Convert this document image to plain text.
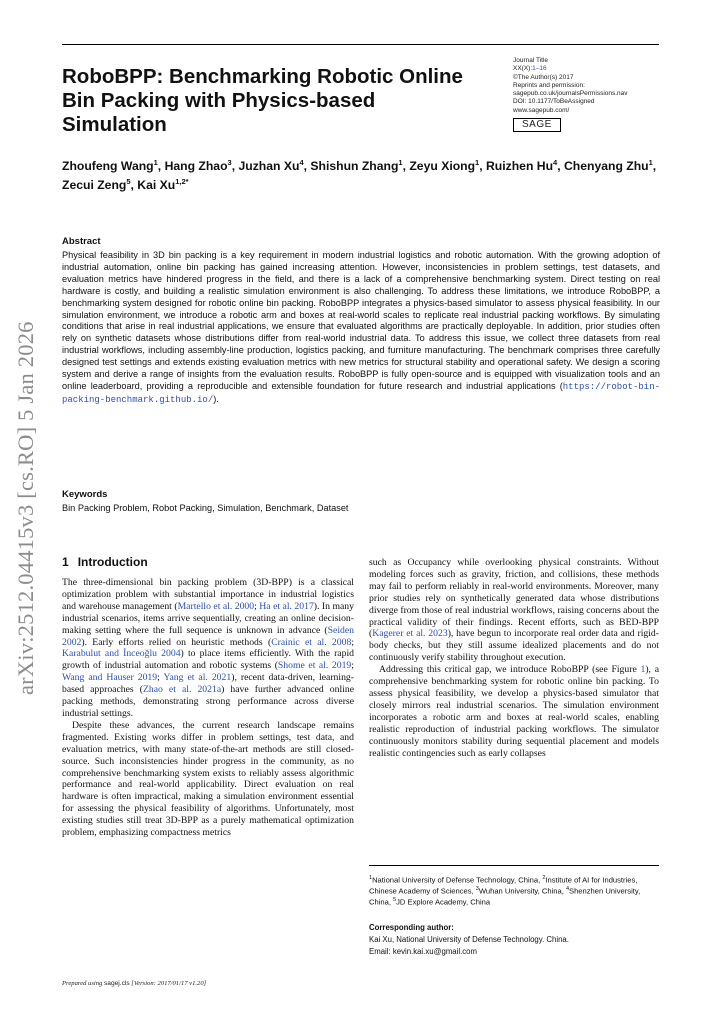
arXiv:2512.04415v3 [cs.RO] 5 Jan 2026
RoboBPP: Benchmarking Robotic Online Bin Packing with Physics-based Simulation
Journal Title
XX(X):1–16
©The Author(s) 2017
Reprints and permission:
sagepub.co.uk/journalsPermissions.nav
DOI: 10.1177/ToBeAssigned
www.sagepub.com/
SAGE
Zhoufeng Wang$^1$, Hang Zhao$^3$, Juzhan Xu$^4$, Shishun Zhang$^1$, Zeyu Xiong$^1$, Ruizhen Hu$^4$, Chenyang Zhu$^1$, Zecui Zeng$^5$, Kai $Xu^{1,2*}$
Abstract

Physical feasibility in 3D bin packing is a key requirement in modern industrial logistics and robotic automation. With the growing adoption of industrial automation, online bin packing has gained increasing attention. However, inconsistencies in problem settings, test datasets, and evaluation metrics have hindered progress in the field, and there is a lack of a comprehensive benchmarking system. Direct testing on real hardware is costly, and building a realistic simulation environment is also challenging. To address these limitations, we introduce RoboBPP, a benchmarking system designed for robotic online bin packing. RoboBPP integrates a physics-based simulator to assess physical feasibility. In our simulation environment, we introduce a robotic arm and boxes at real-world scales to replicate real industrial packing workflows. By simulating conditions that arise in real industrial applications, we ensure that evaluated algorithms are practically deployable. In addition, prior studies often rely on synthetic datasets whose distributions differ from real-world industrial data. To address this issue, we collect three datasets from real industrial workflows, including assembly-line production, logistics packing, and furniture manufacturing. The benchmark comprises three carefully designed test settings and extends existing evaluation metrics with new metrics for structural stability and operational safety. We design a scoring system and derive a range of insights from the evaluation results. RoboBPP is fully open-source and is equipped with visualization tools and an online leaderboard, providing a reproducible and extensible foundation for future research and industrial applications (https://robot-bin-packing-benchmark.github.io/).

Keywords
Bin Packing Problem, Robot Packing, Simulation, Benchmark, Dataset
1 Introduction

The three-dimensional bin packing problem (3D-BPP) is a classical optimization problem with substantial importance in industrial logistics and warehouse management (Martello et al. 2000; Ha et al. 2017). In many industrial scenarios, items arrive sequentially, creating an online decision-making setting where the full sequence is unknown in advance (Seiden 2002). Early efforts relied on heuristic methods (Crainic et al. 2008; Karabulut and İnceoğlu 2004) to place items efficiently. With the rapid growth of industrial automation and robotic systems (Shome et al. 2019; Wang and Hauser 2019; Yang et al. 2021), recent data-driven, learning-based approaches (Zhao et al. 2021a) have further advanced online packing methods, demonstrating strong performance across diverse industrial settings.

Despite these advances, the current research landscape remains fragmented. Existing works differ in problem settings, test data, and evaluation metrics, with many state-of-the-art methods are still closed-source. Such inconsistencies hinder progress in the community, as no comprehensive benchmarking system exists to reliably assess algorithmic performance and real-world applicability. Direct evaluation on real hardware is often impractical, making a simulation environment essential for assessing the physical feasibility of algorithms. Unfortunately, most existing studies still treat 3D-BPP as a purely mathematical optimization problem, emphasizing compactness metrics

such as Occupancy while overlooking physical constraints. Without modeling forces such as gravity, friction, and collisions, these methods may fail to perform reliably in real-world environments. Moreover, many prior studies rely on synthetically generated data whose distributions diverge from those of real industrial workflows, raising concerns about the practical validity of their findings. Recent efforts, such as BED-BPP (Kagerer et al. 2023), have begun to incorporate real order data and rigid-body checks, but they still assume idealized placements and do not continuously verify stability throughout execution.

Addressing this critical gap, we introduce RoboBPP (see Figure 1), a comprehensive benchmarking system for robotic online bin packing. To assess physical feasibility, we develop a physics-based simulator that closely mirrors real industrial scenarios. The simulation environment incorporates a robotic arm and boxes at real-world scales, enabling realistic reproduction of industrial packing workflows. The simulator continuously monitors stability during sequential placement and models realistic contingencies such as early collapses

$^1$National University of Defense Technology, China, $^2$Institute of AI for Industries, Chinese Academy of Sciences, $^3$Wuhan University, China, $^4$Shenzhen University, China, $^5$JD Explore Academy, China
Corresponding author:
Kai Xu, National University of Defense Technology. China.
Email: kevin.kai.xu@gmail.com
Prepared using sagej.cls [Version: 2017/01/17 v1.20]
